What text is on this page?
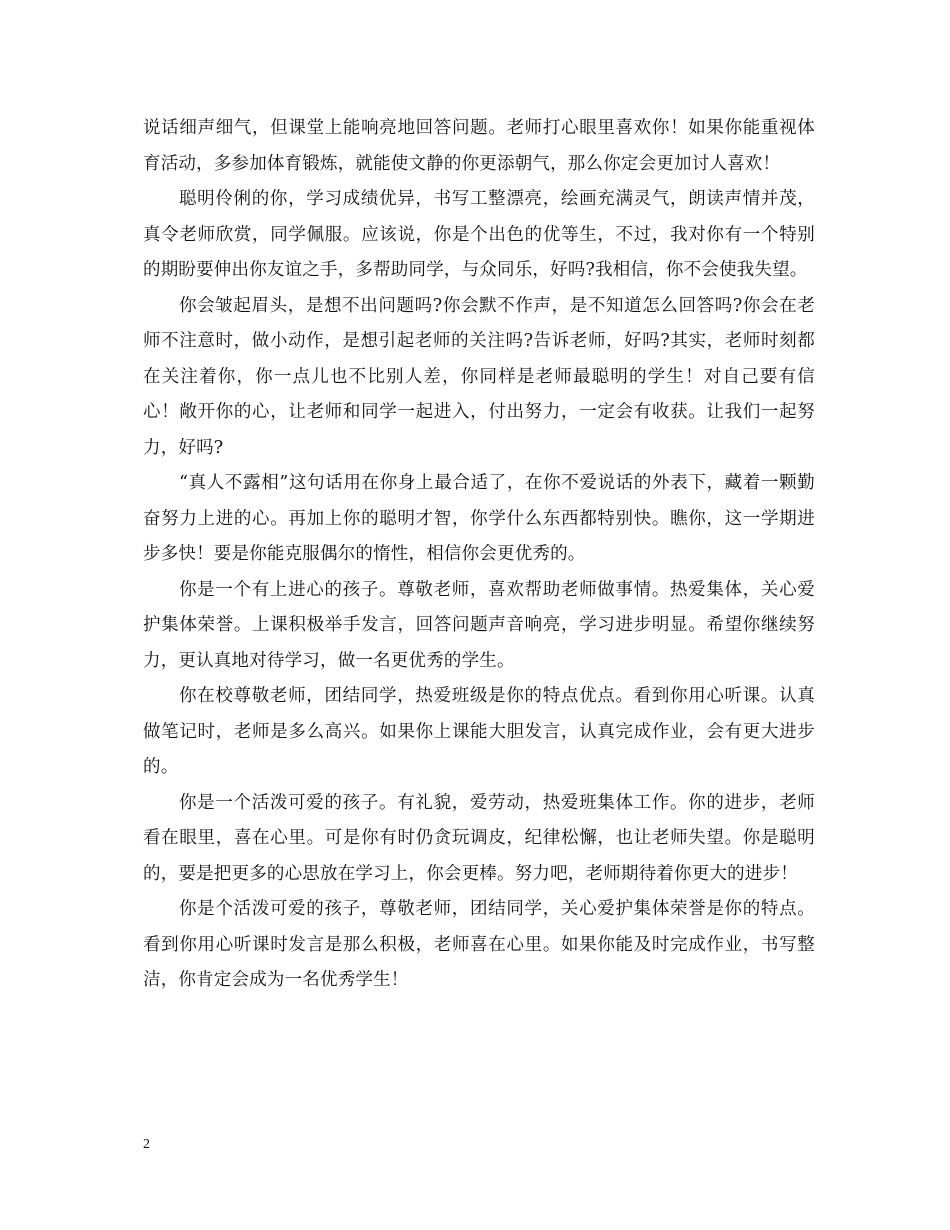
说话细声细气，但课堂上能响亮地回答问题。老师打心眼里喜欢你！如果你能重视体育活动，多参加体育锻炼，就能使文静的你更添朝气，那么你定会更加讨人喜欢！

聪明伶俐的你，学习成绩优异，书写工整漂亮，绘画充满灵气，朗读声情并茂，真令老师欣赏，同学佩服。应该说，你是个出色的优等生，不过，我对你有一个特别的期盼要伸出你友谊之手，多帮助同学，与众同乐，好吗?我相信，你不会使我失望。

你会皱起眉头，是想不出问题吗?你会默不作声，是不知道怎么回答吗?你会在老师不注意时，做小动作，是想引起老师的关注吗?告诉老师，好吗?其实，老师时刻都在关注着你，你一点儿也不比别人差，你同样是老师最聪明的学生！对自己要有信心！敞开你的心，让老师和同学一起进入，付出努力，一定会有收获。让我们一起努力，好吗?

“真人不露相”这句话用在你身上最合适了，在你不爱说话的外表下，藏着一颗勤奋努力上进的心。再加上你的聪明才智，你学什么东西都特别快。瞧你，这一学期进步多快！要是你能克服偶尔的惰性，相信你会更优秀的。

你是一个有上进心的孩子。尊敬老师，喜欢帮助老师做事情。热爱集体，关心爱护集体荣誉。上课积极举手发言，回答问题声音响亮，学习进步明显。希望你继续努力，更认真地对待学习，做一名更优秀的学生。

你在校尊敬老师，团结同学，热爱班级是你的特点优点。看到你用心听课。认真做笔记时，老师是多么高兴。如果你上课能大胆发言，认真完成作业，会有更大进步的。

你是一个活泼可爱的孩子。有礼貌，爱劳动，热爱班集体工作。你的进步，老师看在眼里，喜在心里。可是你有时仍贪玩调皮，纪律松懈，也让老师失望。你是聪明的，要是把更多的心思放在学习上，你会更棒。努力吧，老师期待着你更大的进步！

你是个活泼可爱的孩子，尊敬老师，团结同学，关心爱护集体荣誉是你的特点。看到你用心听课时发言是那么积极，老师喜在心里。如果你能及时完成作业，书写整洁，你肯定会成为一名优秀学生！

2
